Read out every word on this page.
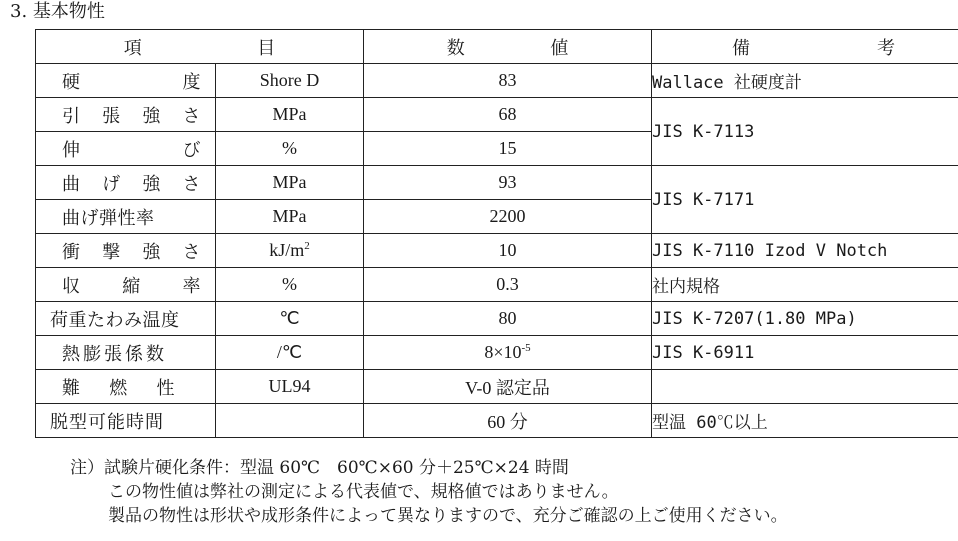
3. 基本物性
項 目		数 値	備 考

硬 度	Shore D	83	Wallace 社硬度計

引 張 強 さ	MPa	68	JIS K-7113

伸 び	%	15	

曲 げ 強 さ	MPa	93	JIS K-7171

曲げ弾性率	MPa	2200	

衝 撃 強 さ	$kJ/m^2$	10	JIS K-7110 Izod V Notch

収 縮 率	%	0.3	社内規格

荷重たわみ温度	℃	80	JIS K-7207(1.80 MPa)

熱膨張係数	/℃	$8\times 10^{-5}$	JIS K-6911

難 燃 性	UL94	V-0 認定品	

脱型可能時間		60 分	型温 60℃以上
注）試験片硬化条件：型温 60℃　60℃×60 分＋25℃×24 時間
この物性値は弊社の測定による代表値で、規格値ではありません。
製品の物性は形状や成形条件によって異なりますので、充分ご確認の上ご使用ください。
